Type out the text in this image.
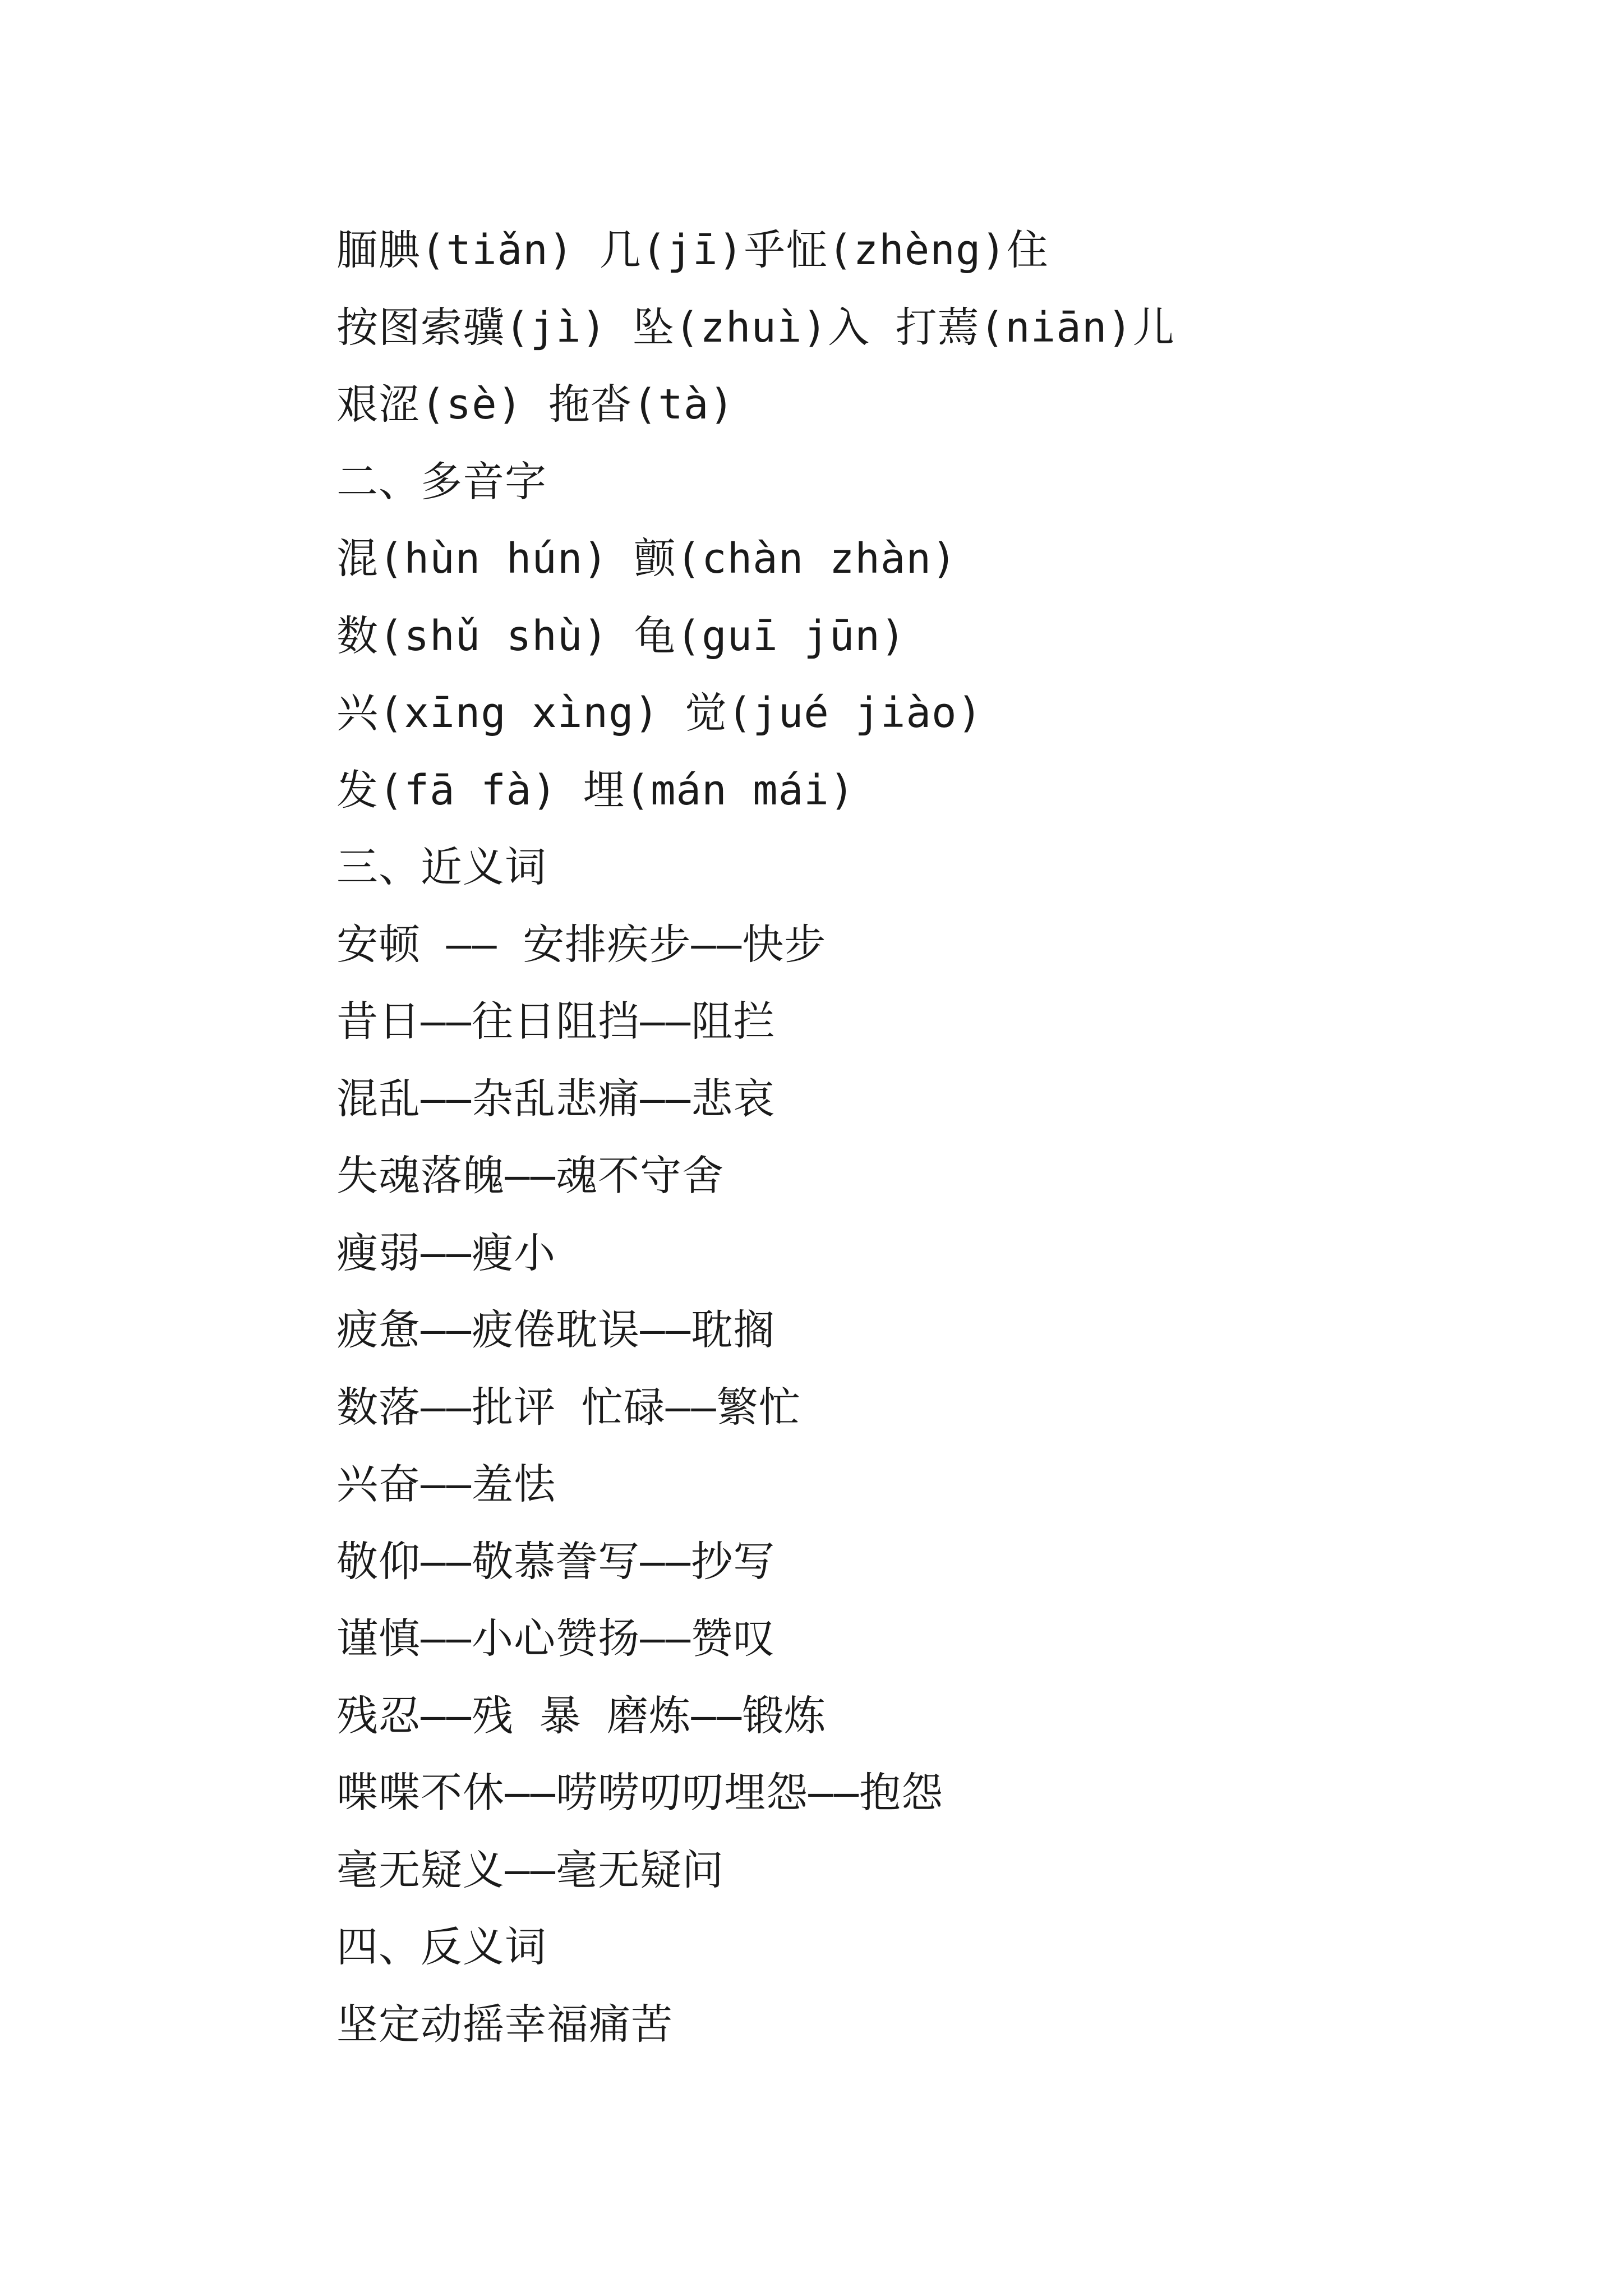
腼腆(tiǎn) 几(jī)乎怔(zhèng)住
按图索骥(jì) 坠(zhuì)入 打蔫(niān)儿
艰涩(sè) 拖沓(tà)
二、多音字
混(hùn hún) 颤(chàn zhàn)
数(shǔ shù) 龟(guī jūn)
兴(xīng xìng) 觉(jué jiào)
发(fā fà) 埋(mán mái)
三、近义词
安顿 —— 安排疾步——快步
昔日——往日阻挡——阻拦
混乱——杂乱悲痛——悲哀
失魂落魄——魂不守舍
瘦弱——瘦小
疲惫——疲倦耽误——耽搁
数落——批评 忙碌——繁忙
兴奋——羞怯
敬仰——敬慕誊写——抄写
谨慎——小心赞扬——赞叹
残忍——残 暴 磨炼——锻炼
喋喋不休——唠唠叨叨埋怨——抱怨
毫无疑义——毫无疑问
四、反义词
坚定动摇幸福痛苦
